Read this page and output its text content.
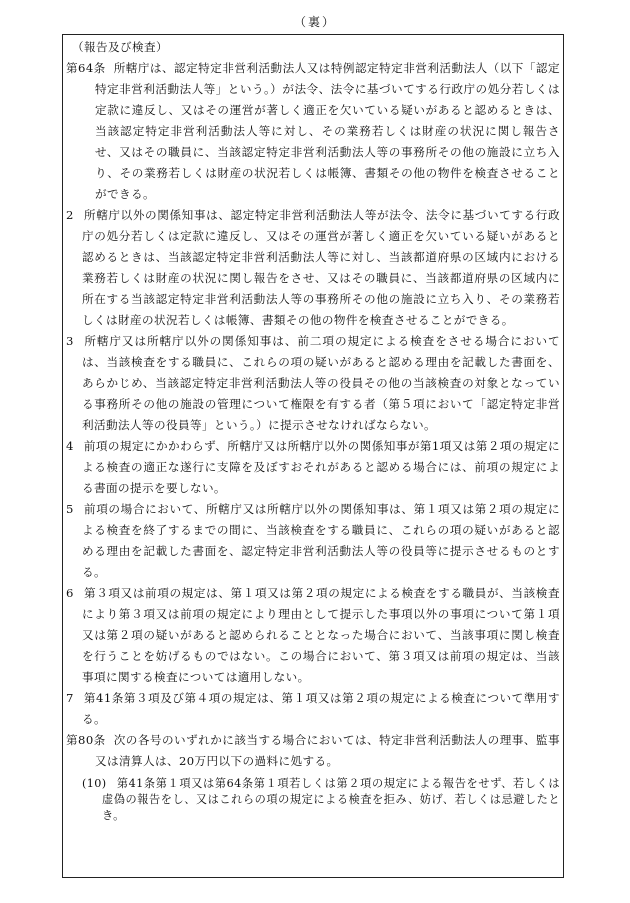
（裏）
（報告及び検査）
第64条 所轄庁は、認定特定非営利活動法人又は特例認定特定非営利活動法人（以下「認定特定非営利活動法人等」という。）が法令、法令に基づいてする行政庁の処分若しくは定款に違反し、又はその運営が著しく適正を欠いている疑いがあると認めるときは、当該認定特定非営利活動法人等に対し、その業務若しくは財産の状況に関し報告させ、又はその職員に、当該認定特定非営利活動法人等の事務所その他の施設に立ち入り、その業務若しくは財産の状況若しくは帳簿、書類その他の物件を検査させることができる。
2 所轄庁以外の関係知事は、認定特定非営利活動法人等が法令、法令に基づいてする行政庁の処分若しくは定款に違反し、又はその運営が著しく適正を欠いている疑いがあると認めるときは、当該認定特定非営利活動法人等に対し、当該都道府県の区域内における業務若しくは財産の状況に関し報告をさせ、又はその職員に、当該都道府県の区域内に所在する当該認定特定非営利活動法人等の事務所その他の施設に立ち入り、その業務若しくは財産の状況若しくは帳簿、書類その他の物件を検査させることができる。
3 所轄庁又は所轄庁以外の関係知事は、前二項の規定による検査をさせる場合においては、当該検査をする職員に、これらの項の疑いがあると認める理由を記載した書面を、あらかじめ、当該認定特定非営利活動法人等の役員その他の当該検査の対象となっている事務所その他の施設の管理について権限を有する者（第５項において「認定特定非営利活動法人等の役員等」という。）に提示させなければならない。
4 前項の規定にかかわらず、所轄庁又は所轄庁以外の関係知事が第1項又は第２項の規定による検査の適正な遂行に支障を及ぼすおそれがあると認める場合には、前項の規定による書面の提示を要しない。
5 前項の場合において、所轄庁又は所轄庁以外の関係知事は、第１項又は第２項の規定による検査を終了するまでの間に、当該検査をする職員に、これらの項の疑いがあると認める理由を記載した書面を、認定特定非営利活動法人等の役員等に提示させるものとする。
6 第３項又は前項の規定は、第１項又は第２項の規定による検査をする職員が、当該検査により第３項又は前項の規定により理由として提示した事項以外の事項について第１項又は第２項の疑いがあると認められることとなった場合において、当該事項に関し検査を行うことを妨げるものではない。この場合において、第３項又は前項の規定は、当該事項に関する検査については適用しない。
7 第41条第３項及び第４項の規定は、第１項又は第２項の規定による検査について準用する。
第80条 次の各号のいずれかに該当する場合においては、特定非営利活動法人の理事、監事又は清算人は、20万円以下の過料に処する。
(10) 第41条第１項又は第64条第１項若しくは第２項の規定による報告をせず、若しくは虚偽の報告をし、又はこれらの項の規定による検査を拒み、妨げ、若しくは忌避したとき。
